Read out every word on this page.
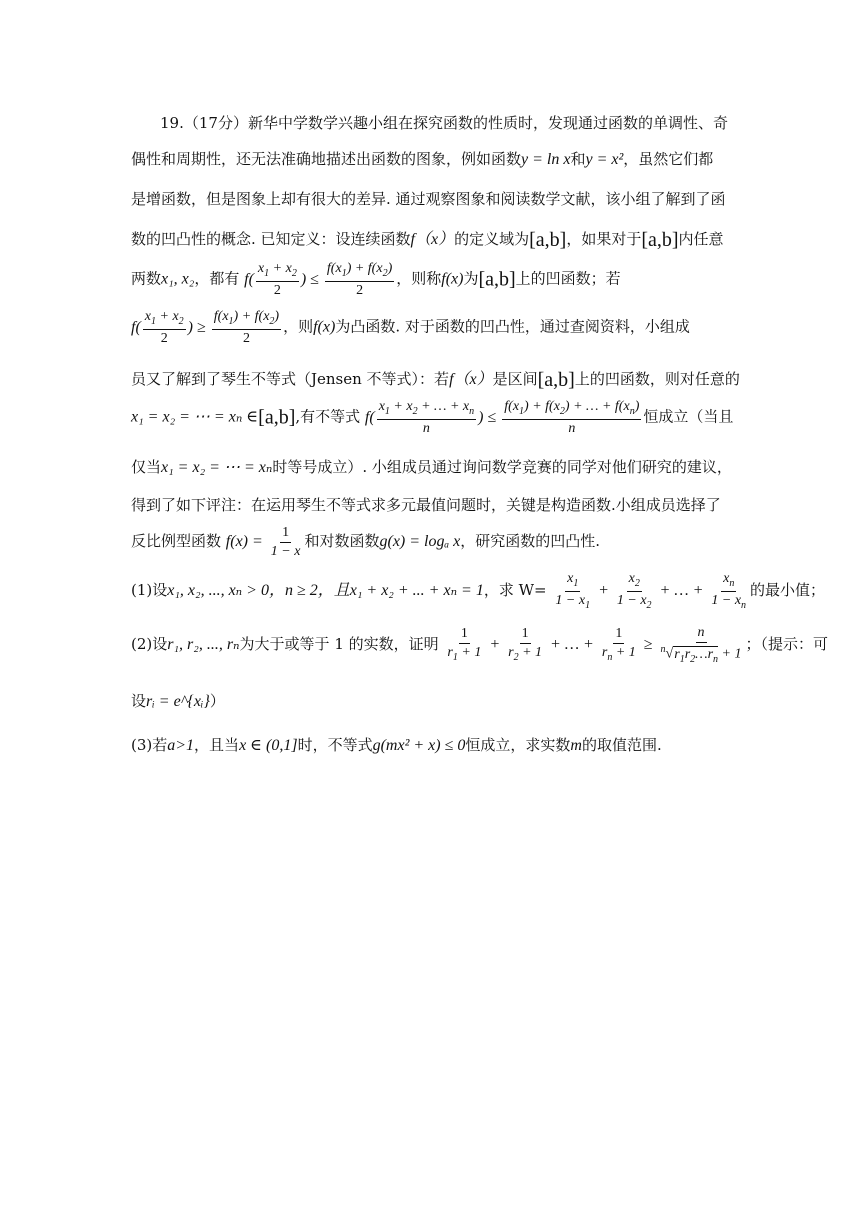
19.（17分）新华中学数学兴趣小组在探究函数的性质时，发现通过函数的单调性、奇
偶性和周期性，还无法准确地描述出函数的图象，例如函数y = ln x和y = x²，虽然它们都
是增函数，但是图象上却有很大的差异. 通过观察图象和阅读数学文献，该小组了解到了函
数的凹凸性的概念. 已知定义：设连续函数f（x）的定义域为[a,b]，如果对于[a,b]内任意
两数x₁, x₂，都有 $f( \frac{x_1 + x_2}{2}$ ) ≤ $\frac{f(x_1) + f(x_2)}{2}$ ，则称f(x)为[a,b]上的凹函数；若
$f( \frac{x_1 + x_2}{2}$ ) ≥ $\frac{f(x_1) + f(x_2)}{2}$ ，则f(x)为凸函数. 对于函数的凹凸性，通过查阅资料，小组成
员又了解到了琴生不等式（Jensen 不等式）：若f（x）是区间[a,b]上的凹函数，则对任意的
x₁ = x₂ = ⋯ = xₙ ∈[a,b],有不等式 $f( \frac{x_1 + x_2 + \dots + x_n}{n}$ ) ≤ $\frac{f(x_1) + f(x_2) + \dots + f(x_n)}{n}$ 恒成立（当且
仅当x₁ = x₂ = ⋯ = xₙ时等号成立）. 小组成员通过询问数学竞赛的同学对他们研究的建议，
得到了如下评注：在运用琴生不等式求多元最值问题时，关键是构造函数.小组成员选择了
反比例型函数 $f(x) = \frac{1}{1 - x}$ 和对数函数g(x) = logₐ x，研究函数的凹凸性.
(1)设x₁, x₂, ..., xₙ > 0，n ≥ 2，且x₁ + x₂ + ... + xₙ = 1，求 $W= \frac{x_1}{1 - x_1} + \frac{x_2}{1 - x_2}$ + … + $\frac{x_n}{1 - x_n}$ 的最小值；
(2)设r₁, r₂, ..., rₙ为大于或等于 1 的实数，证明 $\frac{1}{r_1 + 1} + \frac{1}{r_2 + 1}$ + … + $\frac{1}{r_n + 1} \ge \frac{n}{^n√r_1r_2\dots r_n + 1}$ ；（提示：可
设rᵢ = e^{xᵢ}）
(3)若a>1，且当x ∈ (0,1]时，不等式g(mx² + x) ≤ 0恒成立，求实数m的取值范围.
